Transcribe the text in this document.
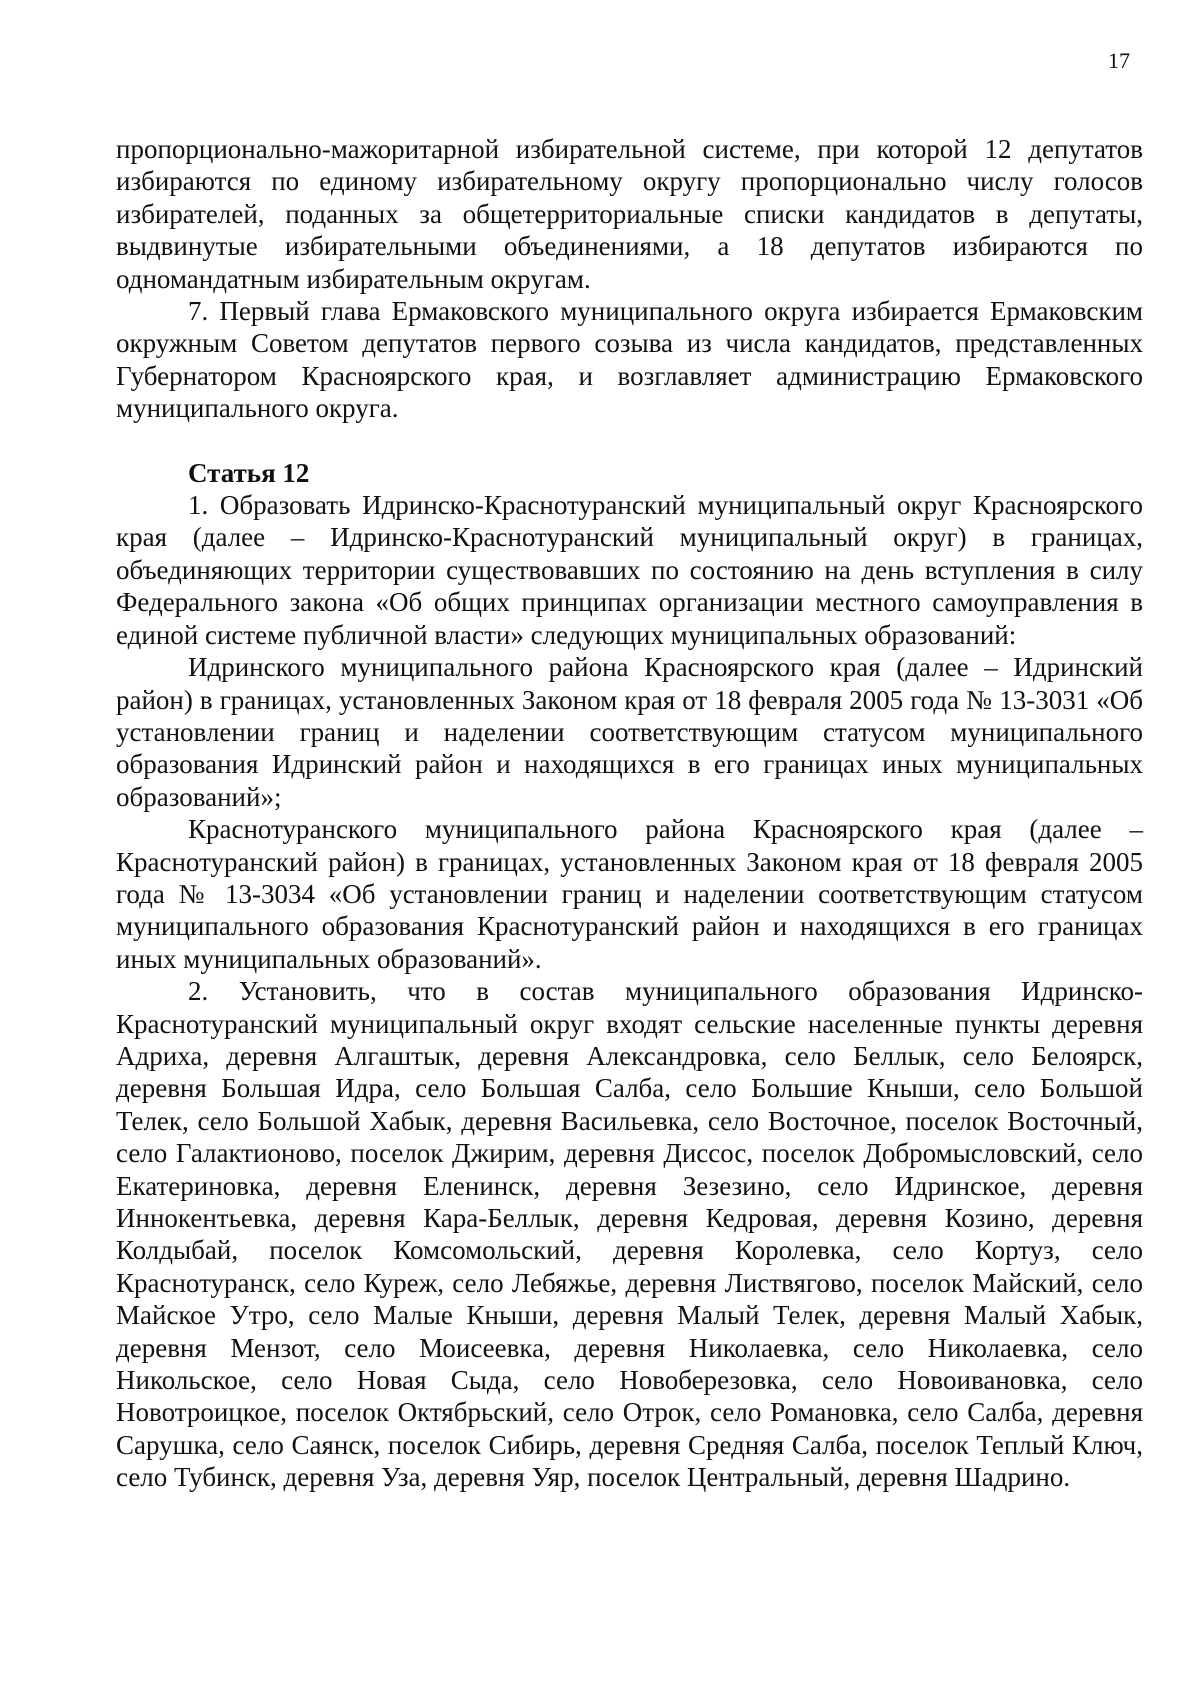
17

пропорционально-мажоритарной избирательной системе, при которой 12 депутатов избираются по единому избирательному округу пропорционально числу голосов избирателей, поданных за общетерриториальные списки кандидатов в депутаты, выдвинутые избирательными объединениями, а 18 депутатов избираются по одномандатным избирательным округам.

7. Первый глава Ермаковского муниципального округа избирается Ермаковским окружным Советом депутатов первого созыва из числа кандидатов, представленных Губернатором Красноярского края, и возглавляет администрацию Ермаковского муниципального округа.

Статья 12

1. Образовать Идринско-Краснотуранский муниципальный округ Красноярского края (далее – Идринско-Краснотуранский муниципальный округ) в границах, объединяющих территории существовавших по состоянию на день вступления в силу Федерального закона «Об общих принципах организации местного самоуправления в единой системе публичной власти» следующих муниципальных образований:

Идринского муниципального района Красноярского края (далее – Идринский район) в границах, установленных Законом края от 18 февраля 2005 года № 13-3031 «Об установлении границ и наделении соответствующим статусом муниципального образования Идринский район и находящихся в его границах иных муниципальных образований»;

Краснотуранского муниципального района Красноярского края (далее – Краснотуранский район) в границах, установленных Законом края от 18 февраля 2005 года № 13-3034 «Об установлении границ и наделении соответствующим статусом муниципального образования Краснотуранский район и находящихся в его границах иных муниципальных образований».

2. Установить, что в состав муниципального образования Идринско-Краснотуранский муниципальный округ входят сельские населенные пункты деревня Адриха, деревня Алгаштык, деревня Александровка, село Беллык, село Белоярск, деревня Большая Идра, село Большая Салба, село Большие Кныши, село Большой Телек, село Большой Хабык, деревня Васильевка, село Восточное, поселок Восточный, село Галактионово, поселок Джирим, деревня Диссос, поселок Добромысловский, село Екатериновка, деревня Еленинск, деревня Зезезино, село Идринское, деревня Иннокентьевка, деревня Кара-Беллык, деревня Кедровая, деревня Козино, деревня Колдыбай, поселок Комсомольский, деревня Королевка, село Кортуз, село Краснотуранск, село Куреж, село Лебяжье, деревня Листвягово, поселок Майский, село Майское Утро, село Малые Кныши, деревня Малый Телек, деревня Малый Хабык, деревня Мензот, село Моисеевка, деревня Николаевка, село Николаевка, село Никольское, село Новая Сыда, село Новоберезовка, село Новоивановка, село Новотроицкое, поселок Октябрьский, село Отрок, село Романовка, село Салба, деревня Сарушка, село Саянск, поселок Сибирь, деревня Средняя Салба, поселок Теплый Ключ, село Тубинск, деревня Уза, деревня Уяр, поселок Центральный, деревня Шадрино.
